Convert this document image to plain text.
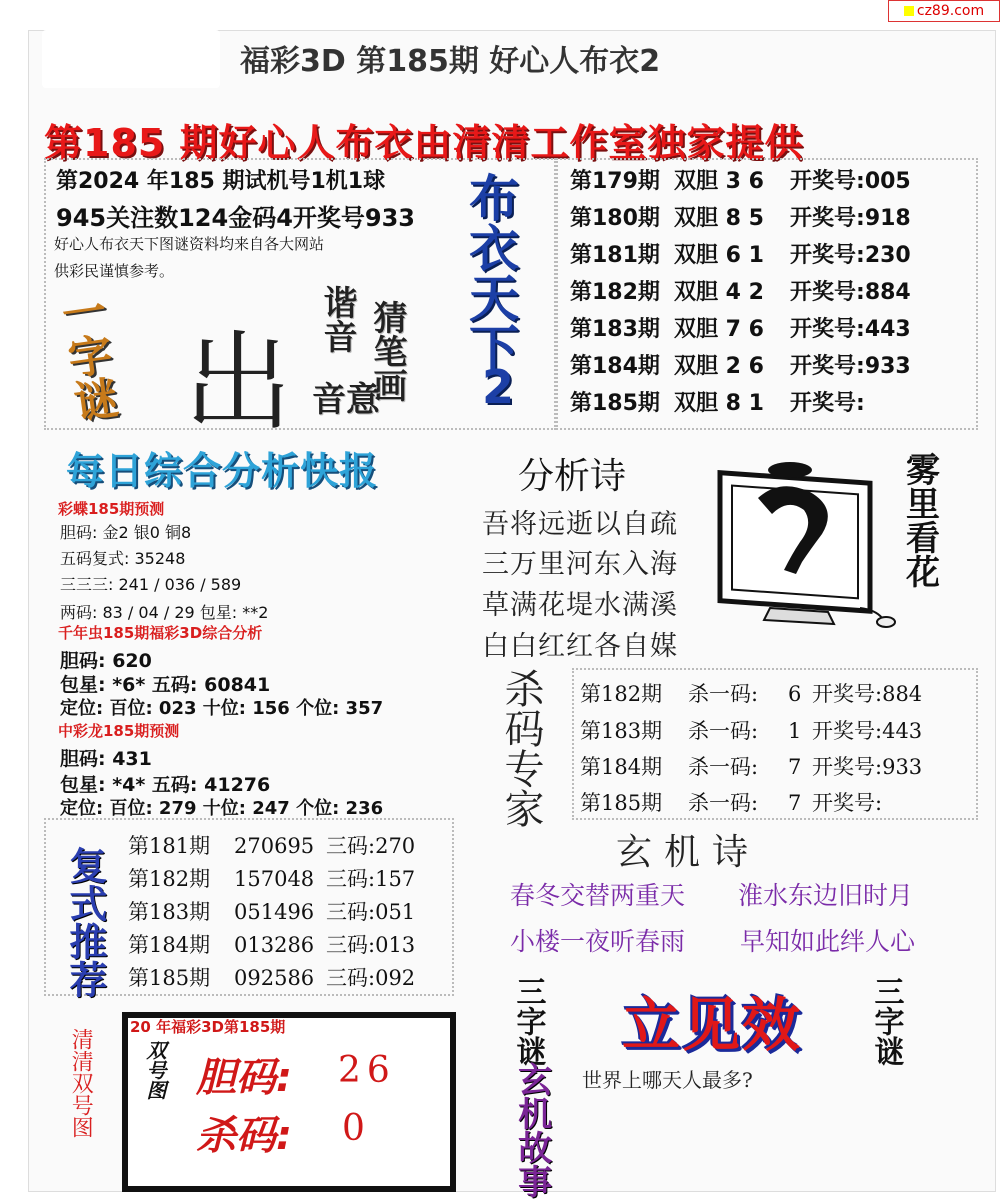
cz89.com
福彩3D 第185期 好心人布衣2
第185 期好心人布衣由清清工作室独家提供
第2024 年185 期试机号1机1球
945关注数124金码4开奖号933
好心人布衣天下图谜资料均来自各大网站
供彩民谨慎参考。	布衣天下
2
一字谜 出
谐音 猜笔画
音意
第179期 双胆 3 6 开奖号:005
第180期 双胆 8 5 开奖号:918
第181期 双胆 6 1 开奖号:230
第182期 双胆 4 2 开奖号:884
第183期 双胆 7 6 开奖号:443
第184期 双胆 2 6 开奖号:933
第185期 双胆 8 1 开奖号:
每日综合分析快报
彩蝶185期预测
胆码: 金2 银0 铜8
五码复式: 35248
三三三: 241 / 036 / 589
两码: 83 / 04 / 29 包星: **2
千年虫185期福彩3D综合分析
胆码: 620
包星: *6* 五码: 60841
定位: 百位: 023 十位: 156 个位: 357
中彩龙185期预测
胆码: 431
包星: *4* 五码: 41276
定位: 百位: 279 十位: 247 个位: 236
分析诗
吾将远逝以自疏
三万里河东入海
草满花堤水满溪
白白红红各自媒
雾里看花
杀码专家 第182期 杀一码: 6 开奖号:884
第183期 杀一码: 1 开奖号:443
第184期 杀一码: 7 开奖号:933
第185期 杀一码: 7 开奖号:
玄机诗
春冬交替两重天 淮水东边旧时月
小楼一夜听春雨 早知如此绊人心
复式推荐 第181期 270695 三码:270
第182期 157048 三码:157
第183期 051496 三码:051
第184期 013286 三码:013
第185期 092586 三码:092
清清双号图
20 年福彩3D第185期
双号图 胆码: 26
杀码: 0
三字谜
玄机故事
立见效 三字谜
世界上哪天人最多?
